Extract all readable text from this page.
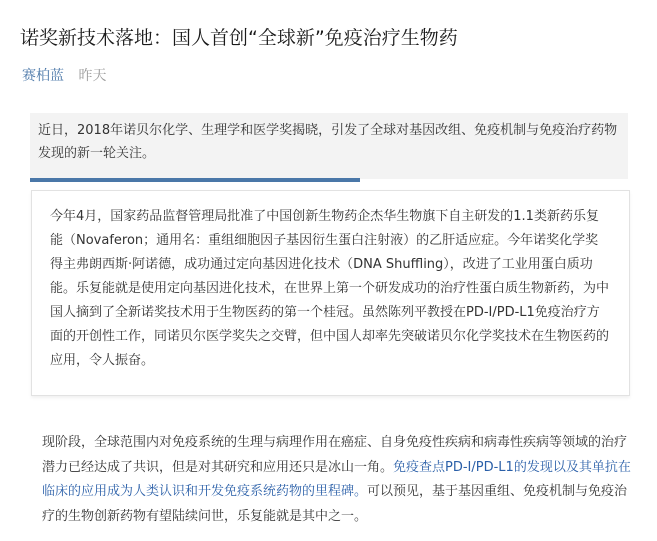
诺奖新技术落地：国人首创“全球新”免疫治疗生物药
赛柏蓝 昨天

近日，2018年诺贝尔化学、生理学和医学奖揭晓，引发了全球对基因改组、免疫机制与免疫治疗药物发现的新一轮关注。

今年4月，国家药品监督管理局批准了中国创新生物药企杰华生物旗下自主研发的1.1类新药乐复能（Novaferon；通用名：重组细胞因子基因衍生蛋白注射液）的乙肝适应症。今年诺奖化学奖得主弗朗西斯·阿诺德，成功通过定向基因进化技术（DNA Shuffling），改进了工业用蛋白质功能。乐复能就是使用定向基因进化技术，在世界上第一个研发成功的治疗性蛋白质生物新药，为中国人摘到了全新诺奖技术用于生物医药的第一个桂冠。虽然陈列平教授在PD-I/PD-L1免疫治疗方面的开创性工作，同诺贝尔医学奖失之交臂，但中国人却率先突破诺贝尔化学奖技术在生物医药的应用，令人振奋。

现阶段，全球范围内对免疫系统的生理与病理作用在癌症、自身免疫性疾病和病毒性疾病等领域的治疗潜力已经达成了共识，但是对其研究和应用还只是冰山一角。免疫查点PD-I/PD-L1的发现以及其单抗在临床的应用成为人类认识和开发免疫系统药物的里程碑。可以预见，基于基因重组、免疫机制与免疫治疗的生物创新药物有望陆续问世，乐复能就是其中之一。
